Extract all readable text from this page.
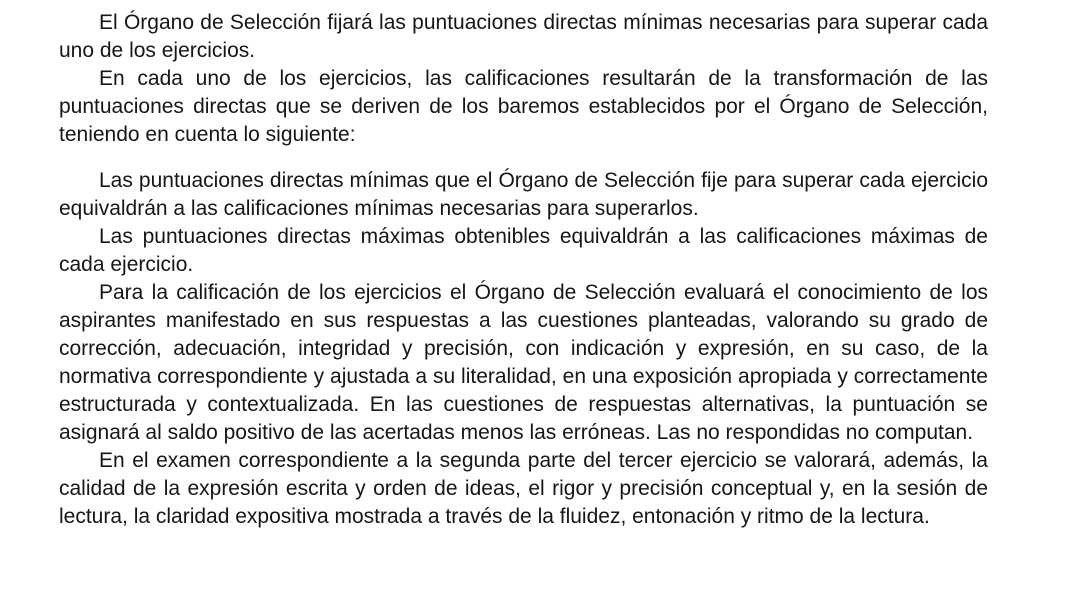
El Órgano de Selección fijará las puntuaciones directas mínimas necesarias para superar cada uno de los ejercicios.

En cada uno de los ejercicios, las calificaciones resultarán de la transformación de las puntuaciones directas que se deriven de los baremos establecidos por el Órgano de Selección, teniendo en cuenta lo siguiente:

Las puntuaciones directas mínimas que el Órgano de Selección fije para superar cada ejercicio equivaldrán a las calificaciones mínimas necesarias para superarlos.

Las puntuaciones directas máximas obtenibles equivaldrán a las calificaciones máximas de cada ejercicio.

Para la calificación de los ejercicios el Órgano de Selección evaluará el conocimiento de los aspirantes manifestado en sus respuestas a las cuestiones planteadas, valorando su grado de corrección, adecuación, integridad y precisión, con indicación y expresión, en su caso, de la normativa correspondiente y ajustada a su literalidad, en una exposición apropiada y correctamente estructurada y contextualizada. En las cuestiones de respuestas alternativas, la puntuación se asignará al saldo positivo de las acertadas menos las erróneas. Las no respondidas no computan.

En el examen correspondiente a la segunda parte del tercer ejercicio se valorará, además, la calidad de la expresión escrita y orden de ideas, el rigor y precisión conceptual y, en la sesión de lectura, la claridad expositiva mostrada a través de la fluidez, entonación y ritmo de la lectura.
